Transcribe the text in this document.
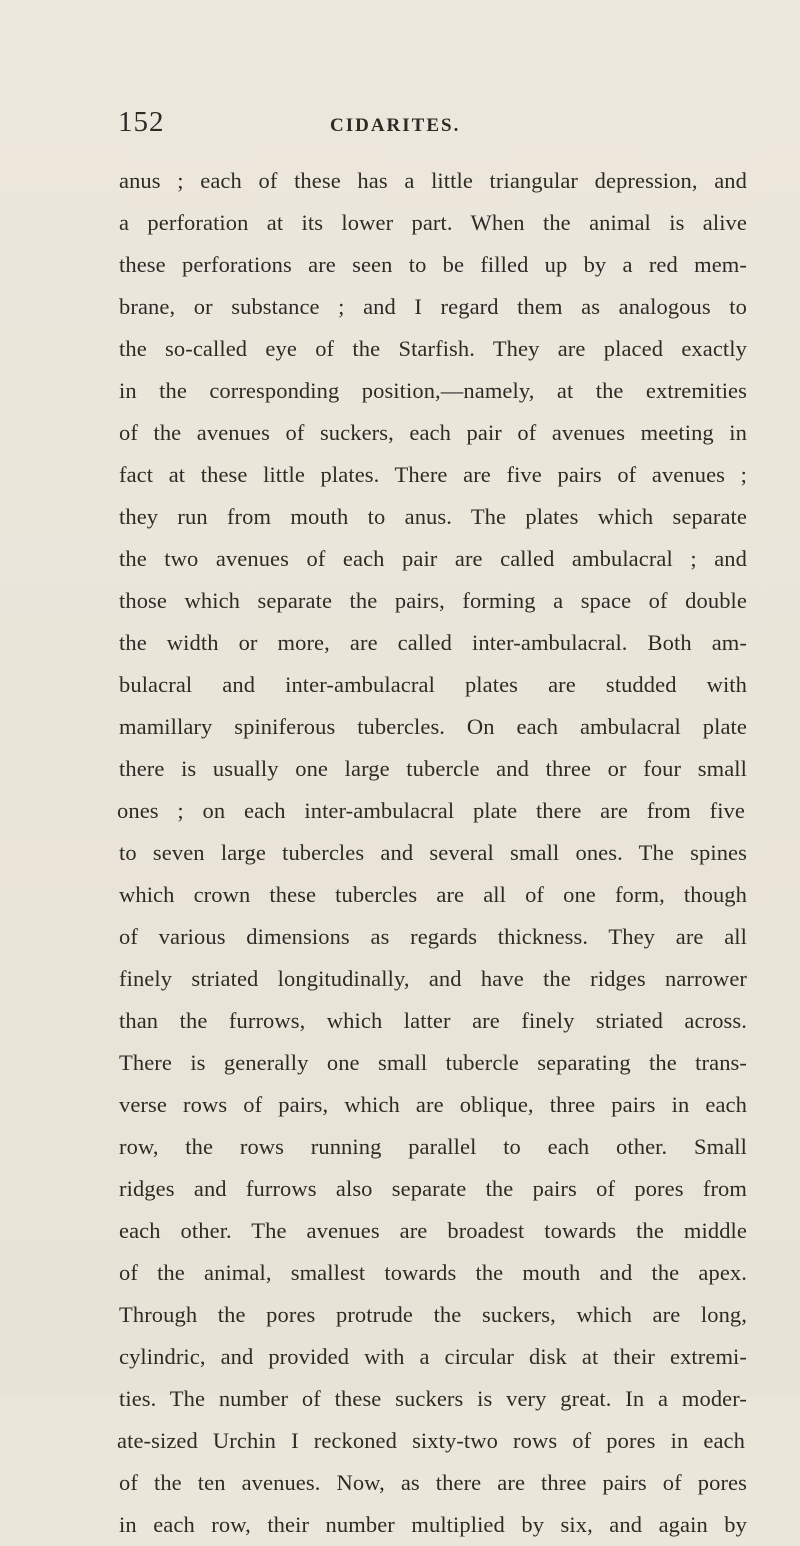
152	CIDARITES.
anus ; each of these has a little triangular depression, and
a perforation at its lower part. When the animal is alive
these perforations are seen to be filled up by a red mem-
brane, or substance ; and I regard them as analogous to
the so-called eye of the Starfish. They are placed exactly
in the corresponding position,—namely, at the extremities
of the avenues of suckers, each pair of avenues meeting in
fact at these little plates. There are five pairs of avenues ;
they run from mouth to anus. The plates which separate
the two avenues of each pair are called ambulacral ; and
those which separate the pairs, forming a space of double
the width or more, are called inter-ambulacral. Both am-
bulacral and inter-ambulacral plates are studded with
mamillary spiniferous tubercles. On each ambulacral plate
there is usually one large tubercle and three or four small
ones ; on each inter-ambulacral plate there are from five
to seven large tubercles and several small ones. The spines
which crown these tubercles are all of one form, though
of various dimensions as regards thickness. They are all
finely striated longitudinally, and have the ridges narrower
than the furrows, which latter are finely striated across.
There is generally one small tubercle separating the trans-
verse rows of pairs, which are oblique, three pairs in each
row, the rows running parallel to each other. Small
ridges and furrows also separate the pairs of pores from
each other. The avenues are broadest towards the middle
of the animal, smallest towards the mouth and the apex.
Through the pores protrude the suckers, which are long,
cylindric, and provided with a circular disk at their extremi-
ties. The number of these suckers is very great. In a moder-
ate-sized Urchin I reckoned sixty-two rows of pores in each
of the ten avenues. Now, as there are three pairs of pores
in each row, their number multiplied by six, and again by
